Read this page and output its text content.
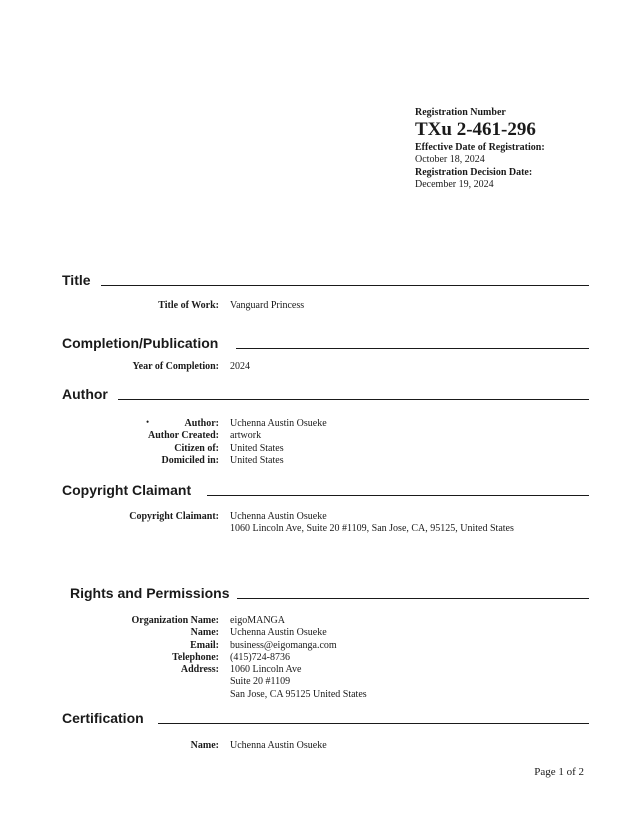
Registration Number
TXu 2-461-296
Effective Date of Registration:
October 18, 2024
Registration Decision Date:
December 19, 2024
Title
Title of Work:	Vanguard Princess
Completion/Publication
Year of Completion:	2024
Author
•	Author:	Uchenna Austin Osueke
Author Created:	artwork
Citizen of:	United States
Domiciled in:	United States
Copyright Claimant
Copyright Claimant:	Uchenna Austin Osueke
1060 Lincoln Ave, Suite 20 #1109, San Jose, CA, 95125, United States
Rights and Permissions
Organization Name:	eigoMANGA
Name:	Uchenna Austin Osueke
Email:	business@eigomanga.com
Telephone:	(415)724-8736
Address:	1060 Lincoln Ave
Suite 20 #1109
San Jose, CA 95125 United States
Certification
Name:	Uchenna Austin Osueke
Page 1 of 2
